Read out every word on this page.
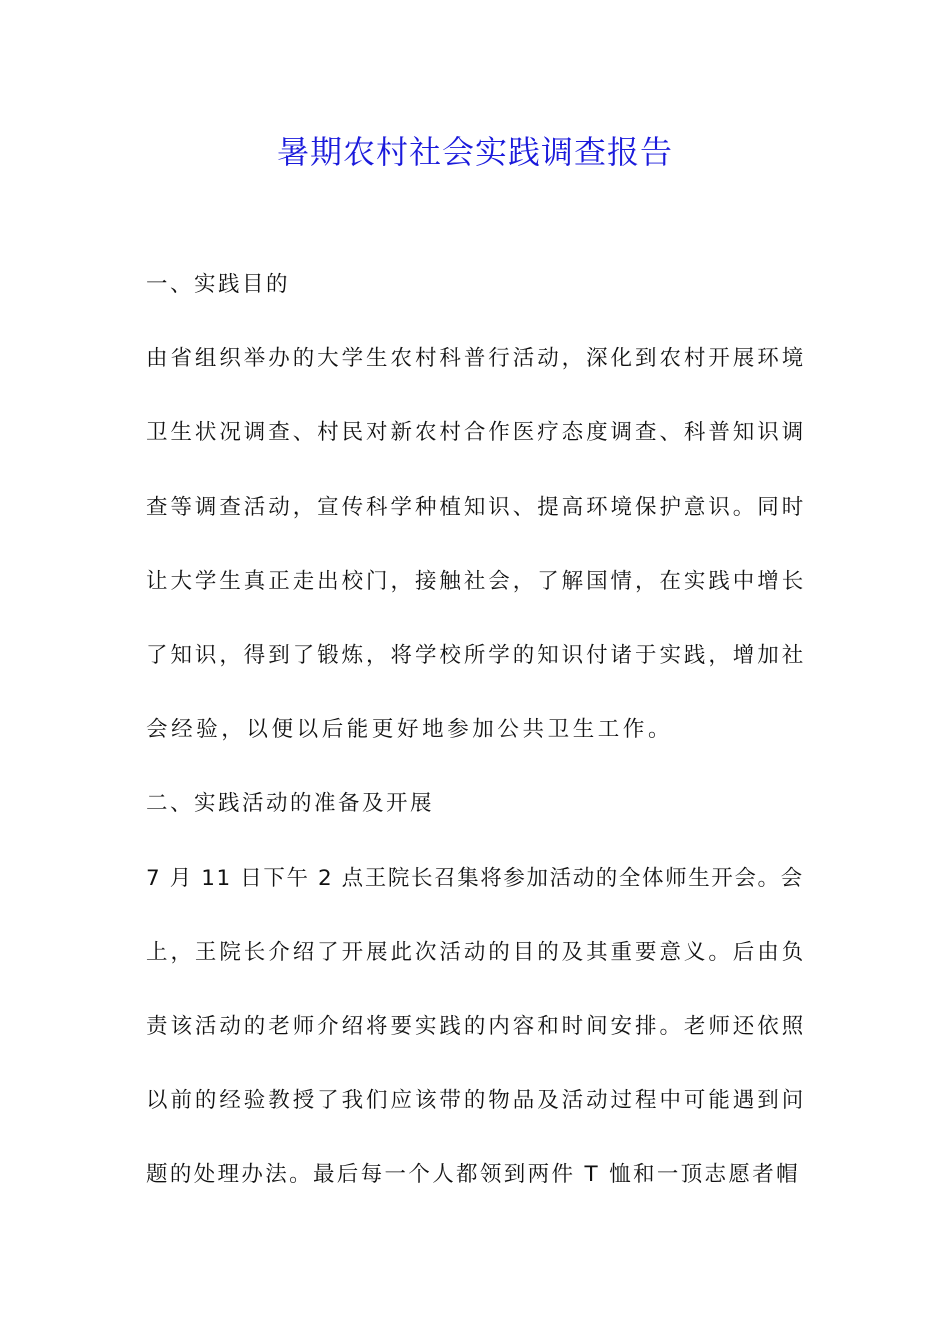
暑期农村社会实践调查报告
一、实践目的
由省组织举办的大学生农村科普行活动，深化到农村开展环境
卫生状况调查、村民对新农村合作医疗态度调查、科普知识调
查等调查活动，宣传科学种植知识、提高环境保护意识。同时
让大学生真正走出校门，接触社会，了解国情，在实践中增长
了知识，得到了锻炼，将学校所学的知识付诸于实践，增加社
会经验，以便以后能更好地参加公共卫生工作。
二、实践活动的准备及开展
7 月 11 日下午 2 点王院长召集将参加活动的全体师生开会。会
上，王院长介绍了开展此次活动的目的及其重要意义。后由负
责该活动的老师介绍将要实践的内容和时间安排。老师还依照
以前的经验教授了我们应该带的物品及活动过程中可能遇到问
题的处理办法。最后每一个人都领到两件 T 恤和一顶志愿者帽
